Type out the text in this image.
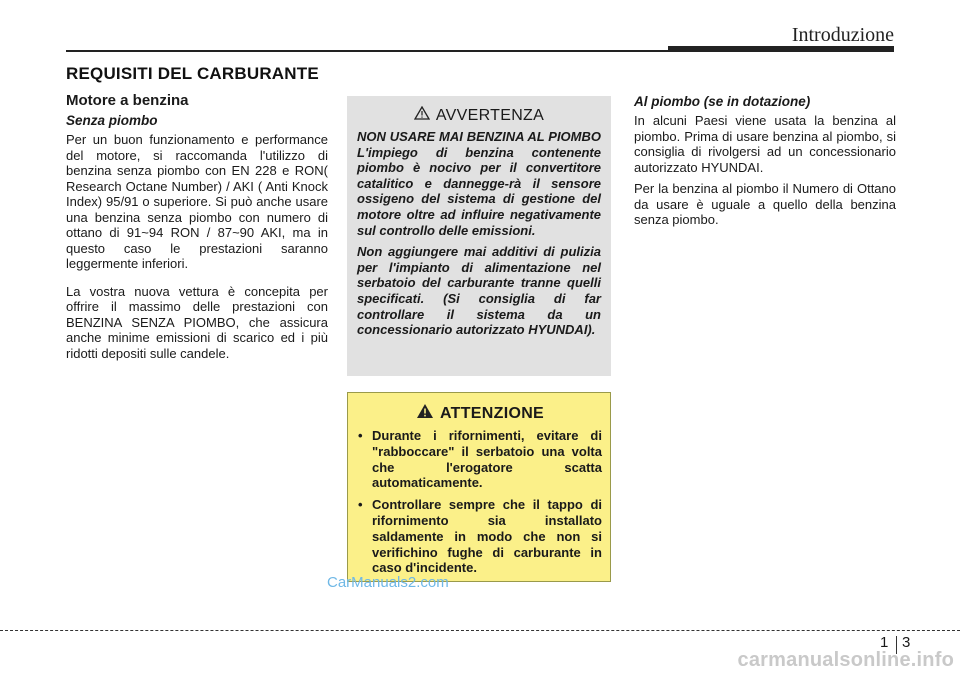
Introduzione
REQUISITI DEL CARBURANTE
Motore a benzina
Senza piombo

Per un buon funzionamento e performance del motore, si raccomanda l'utilizzo di benzina senza piombo con EN 228 e RON( Research Octane Number) / AKI ( Anti Knock Index) 95/91 o superiore. Si può anche usare una benzina senza piombo con numero di ottano di 91~94 RON / 87~90 AKI, ma in questo caso le prestazioni saranno leggermente inferiori.

La vostra nuova vettura è concepita per offrire il massimo delle prestazioni con BENZINA SENZA PIOMBO, che assicura anche minime emissioni di scarico ed i più ridotti depositi sulle candele.

AVVERTENZA

NON USARE MAI BENZINA AL PIOMBO L'impiego di benzina contenente piombo è nocivo per il convertitore catalitico e dannegge-rà il sensore ossigeno del sistema di gestione del motore oltre ad influire negativamente sul controllo delle emissioni.

Non aggiungere mai additivi di pulizia per l'impianto di alimentazione nel serbatoio del carburante tranne quelli specificati. (Si consiglia di far controllare il sistema da un concessionario autorizzato HYUNDAI).

ATTENZIONE
• Durante i rifornimenti, evitare di "rabboccare" il serbatoio una volta che l'erogatore scatta automaticamente.
• Controllare sempre che il tappo di rifornimento sia installato saldamente in modo che non si verifichino fughe di carburante in caso d'incidente.
Al piombo (se in dotazione)

In alcuni Paesi viene usata la benzina al piombo. Prima di usare benzina al piombo, si consiglia di rivolgersi ad un concessionario autorizzato HYUNDAI.

Per la benzina al piombo il Numero di Ottano da usare è uguale a quello della benzina senza piombo.

CarManuals2.com
1 3
carmanualsonline.info
